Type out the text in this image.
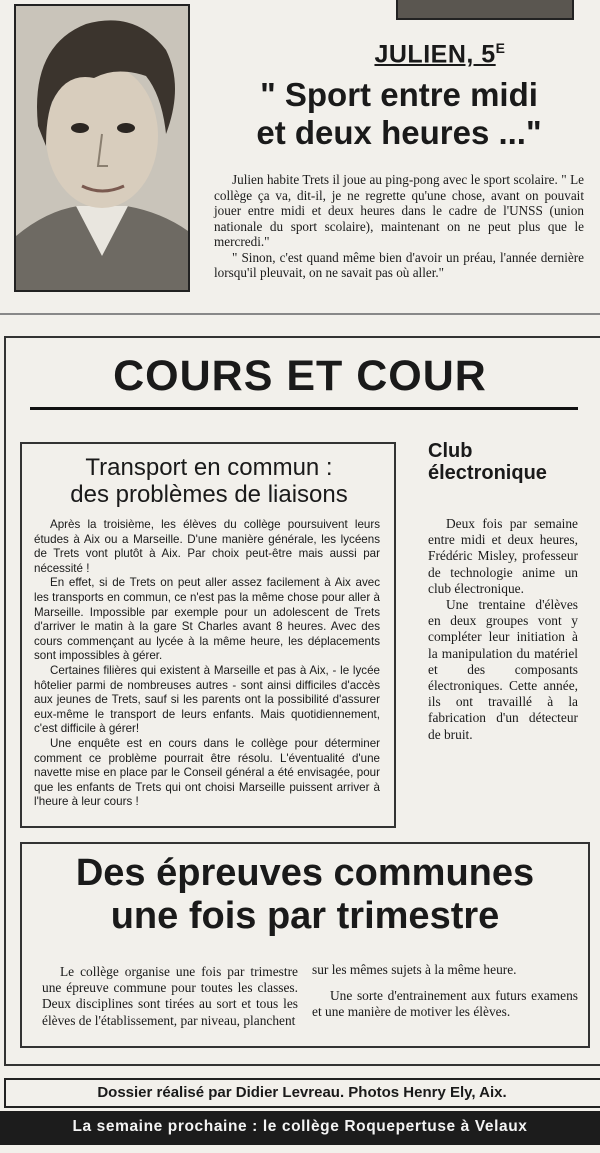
JULIEN, $5^E$
" Sport entre midi
et deux heures ..."

Julien habite Trets il joue au ping-pong avec le sport scolaire. " Le collège ça va, dit-il, je ne regrette qu'une chose, avant on pouvait jouer entre midi et deux heures dans le cadre de l'UNSS (union nationale du sport scolaire), maintenant on ne peut plus que le mercredi."

" Sinon, c'est quand même bien d'avoir un préau, l'année dernière lorsqu'il pleuvait, on ne savait pas où aller."

COURS ET COUR
Transport en commun :
des problèmes de liaisons

Après la troisième, les élèves du collège poursuivent leurs études à Aix ou a Marseille. D'une manière générale, les lycéens de Trets vont plutôt à Aix. Par choix peut-être mais aussi par nécessité !

En effet, si de Trets on peut aller assez facilement à Aix avec les transports en commun, ce n'est pas la même chose pour aller à Marseille. Impossible par exemple pour un adolescent de Trets d'arriver le matin à la gare St Charles avant 8 heures. Avec des cours commençant au lycée à la même heure, les déplacements sont impossibles à gérer.

Certaines filières qui existent à Marseille et pas à Aix, - le lycée hôtelier parmi de nombreuses autres - sont ainsi difficiles d'accès aux jeunes de Trets, sauf si les parents ont la possibilité d'assurer eux-même le transport de leurs enfants. Mais quotidiennement, c'est difficile à gérer!

Une enquête est en cours dans le collège pour déterminer comment ce problème pourrait être résolu. L'éventualité d'une navette mise en place par le Conseil général a été envisagée, pour que les enfants de Trets qui ont choisi Marseille puissent arriver à l'heure à leur cours !

Club
électronique

Deux fois par semaine entre midi et deux heures, Frédéric Misley, professeur de technologie anime un club électronique.

Une trentaine d'élèves en deux groupes vont y compléter leur initiation à la manipulation du matériel et des composants électroniques. Cette année, ils ont travaillé à la fabrication d'un détecteur de bruit.

Des épreuves communes
une fois par trimestre

Le collège organise une fois par trimestre une épreuve commune pour toutes les classes. Deux disciplines sont tirées au sort et tous les élèves de l'établissement, par niveau, planchent

sur les mêmes sujets à la même heure.

Une sorte d'entrainement aux futurs examens et une manière de motiver les élèves.

Dossier réalisé par Didier Levreau. Photos Henry Ely, Aix.
La semaine prochaine : le collège Roquepertuse à Velaux
